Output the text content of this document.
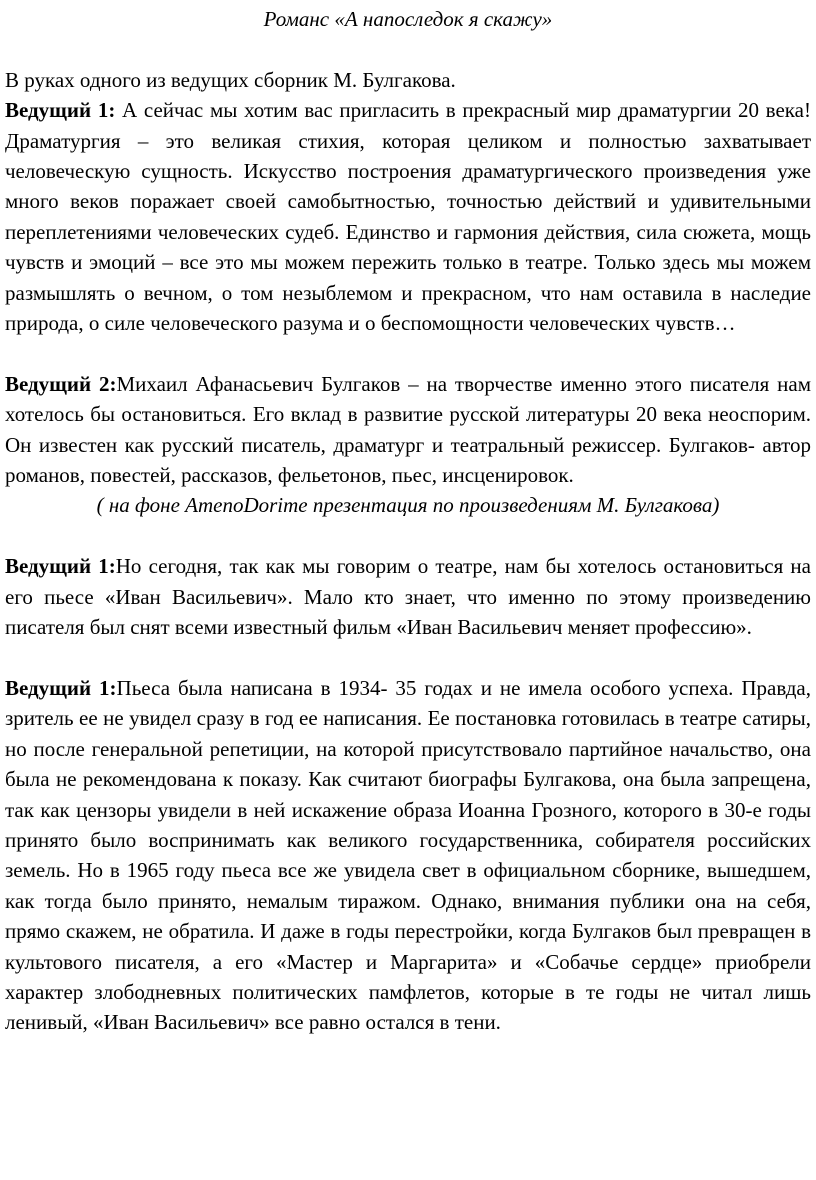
Романс «А напоследок я скажу»

В руках одного из ведущих сборник М. Булгакова.

Ведущий 1: А сейчас мы хотим вас пригласить в прекрасный мир драматургии 20 века! Драматургия – это великая стихия, которая целиком и полностью захватывает человеческую сущность. Искусство построения драматургического произведения уже много веков поражает своей самобытностью, точностью действий и удивительными переплетениями человеческих судеб. Единство и гармония действия, сила сюжета, мощь чувств и эмоций – все это мы можем пережить только в театре. Только здесь мы можем размышлять о вечном, о том незыблемом и прекрасном, что нам оставила в наследие природа, о силе человеческого разума и о беспомощности человеческих чувств…

Ведущий 2:Михаил Афанасьевич Булгаков – на творчестве именно этого писателя нам хотелось бы остановиться. Его вклад в развитие русской литературы 20 века неоспорим. Он известен как русский писатель, драматург и театральный режиссер. Булгаков- автор романов, повестей, рассказов, фельетонов, пьес, инсценировок.

( на фоне AmenoDorime презентация по произведениям М. Булгакова)

Ведущий 1:Но сегодня, так как мы говорим о театре, нам бы хотелось остановиться на его пьесе «Иван Васильевич». Мало кто знает, что именно по этому произведению писателя был снят всеми известный фильм «Иван Васильевич меняет профессию».

Ведущий 1:Пьеса была написана в 1934- 35 годах и не имела особого успеха. Правда, зритель ее не увидел сразу в год ее написания. Ее постановка готовилась в театре сатиры, но после генеральной репетиции, на которой присутствовало партийное начальство, она была не рекомендована к показу. Как считают биографы Булгакова, она была запрещена, так как цензоры увидели в ней искажение образа Иоанна Грозного, которого в 30-е годы принято было воспринимать как великого государственника, собирателя российских земель. Но в 1965 году пьеса все же увидела свет в официальном сборнике, вышедшем, как тогда было принято, немалым тиражом. Однако, внимания публики она на себя, прямо скажем, не обратила. И даже в годы перестройки, когда Булгаков был превращен в культового писателя, а его «Мастер и Маргарита» и «Собачье сердце» приобрели характер злободневных политических памфлетов, которые в те годы не читал лишь ленивый, «Иван Васильевич» все равно остался в тени.
